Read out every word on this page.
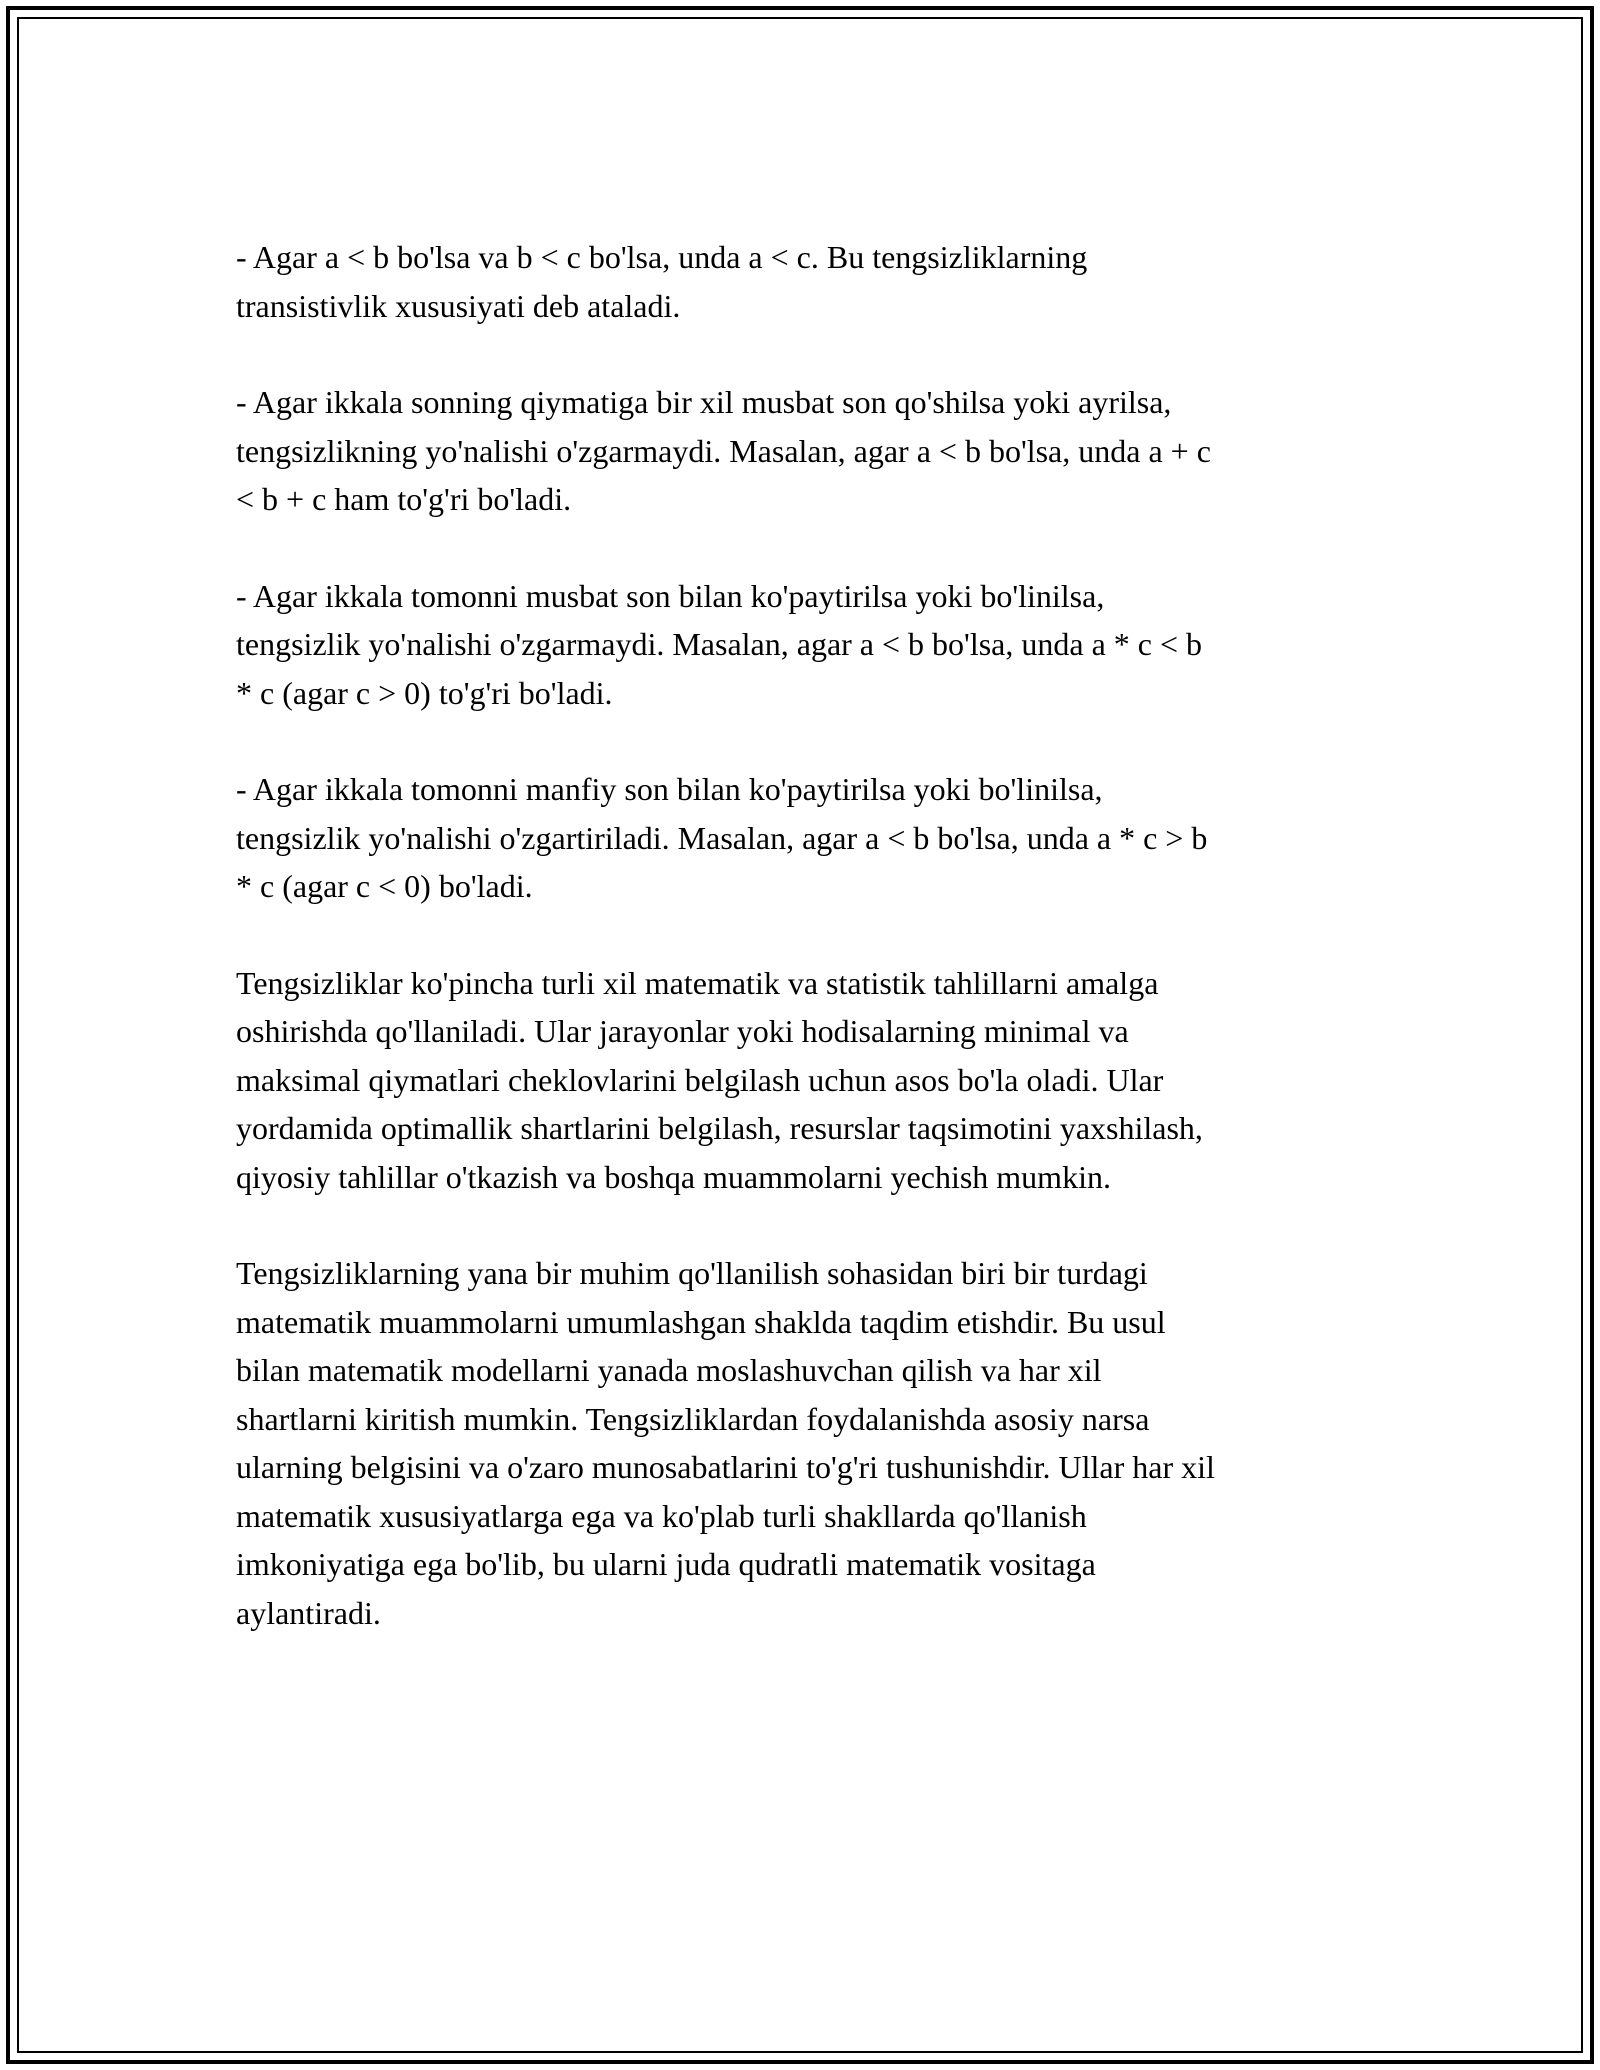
- Agar a < b bo'lsa va b < c bo'lsa, unda a < c. Bu tengsizliklarning
transistivlik xususiyati deb ataladi.

- Agar ikkala sonning qiymatiga bir xil musbat son qo'shilsa yoki ayrilsa,
tengsizlikning yo'nalishi o'zgarmaydi. Masalan, agar a < b bo'lsa, unda a + c
< b + c ham to'g'ri bo'ladi.

- Agar ikkala tomonni musbat son bilan ko'paytirilsa yoki bo'linilsa,
tengsizlik yo'nalishi o'zgarmaydi. Masalan, agar a < b bo'lsa, unda a * c < b
* c (agar c > 0) to'g'ri bo'ladi.

- Agar ikkala tomonni manfiy son bilan ko'paytirilsa yoki bo'linilsa,
tengsizlik yo'nalishi o'zgartiriladi. Masalan, agar a < b bo'lsa, unda a * c > b
* c (agar c < 0) bo'ladi.

Tengsizliklar ko'pincha turli xil matematik va statistik tahlillarni amalga
oshirishda qo'llaniladi. Ular jarayonlar yoki hodisalarning minimal va
maksimal qiymatlari cheklovlarini belgilash uchun asos bo'la oladi. Ular
yordamida optimallik shartlarini belgilash, resurslar taqsimotini yaxshilash,
qiyosiy tahlillar o'tkazish va boshqa muammolarni yechish mumkin.

Tengsizliklarning yana bir muhim qo'llanilish sohasidan biri bir turdagi
matematik muammolarni umumlashgan shaklda taqdim etishdir. Bu usul
bilan matematik modellarni yanada moslashuvchan qilish va har xil
shartlarni kiritish mumkin. Tengsizliklardan foydalanishda asosiy narsa
ularning belgisini va o'zaro munosabatlarini to'g'ri tushunishdir. Ullar har xil
matematik xususiyatlarga ega va ko'plab turli shakllarda qo'llanish
imkoniyatiga ega bo'lib, bu ularni juda qudratli matematik vositaga
aylantiradi.
